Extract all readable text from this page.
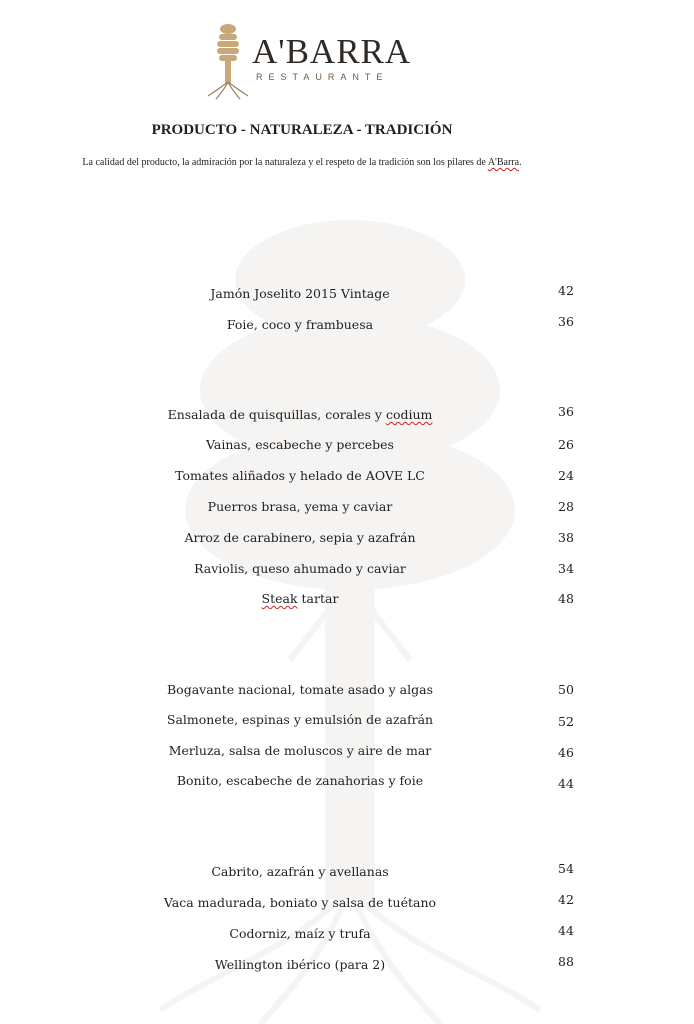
A'BARRA
RESTAURANTE
PRODUCTO - NATURALEZA - TRADICIÓN
La calidad del producto, la admiración por la naturaleza y el respeto de la tradición son los pilares de A'Barra.
Jamón Joselito 2015 Vintage	42
Foie, coco y frambuesa	36
Ensalada de quisquillas, corales y codium	36
Vainas, escabeche y percebes	26
Tomates aliñados y helado de AOVE LC	24
Puerros brasa, yema y caviar	28
Arroz de carabinero, sepia y azafrán	38
Raviolis, queso ahumado y caviar	34
Steak tartar	48
Bogavante nacional, tomate asado y algas	50
Salmonete, espinas y emulsión de azafrán	52
Merluza, salsa de moluscos y aire de mar	46
Bonito, escabeche de zanahorias y foie	44
Cabrito, azafrán y avellanas	54
Vaca madurada, boniato y salsa de tuétano	42
Codorniz, maíz y trufa	44
Wellington ibérico (para 2)	88
